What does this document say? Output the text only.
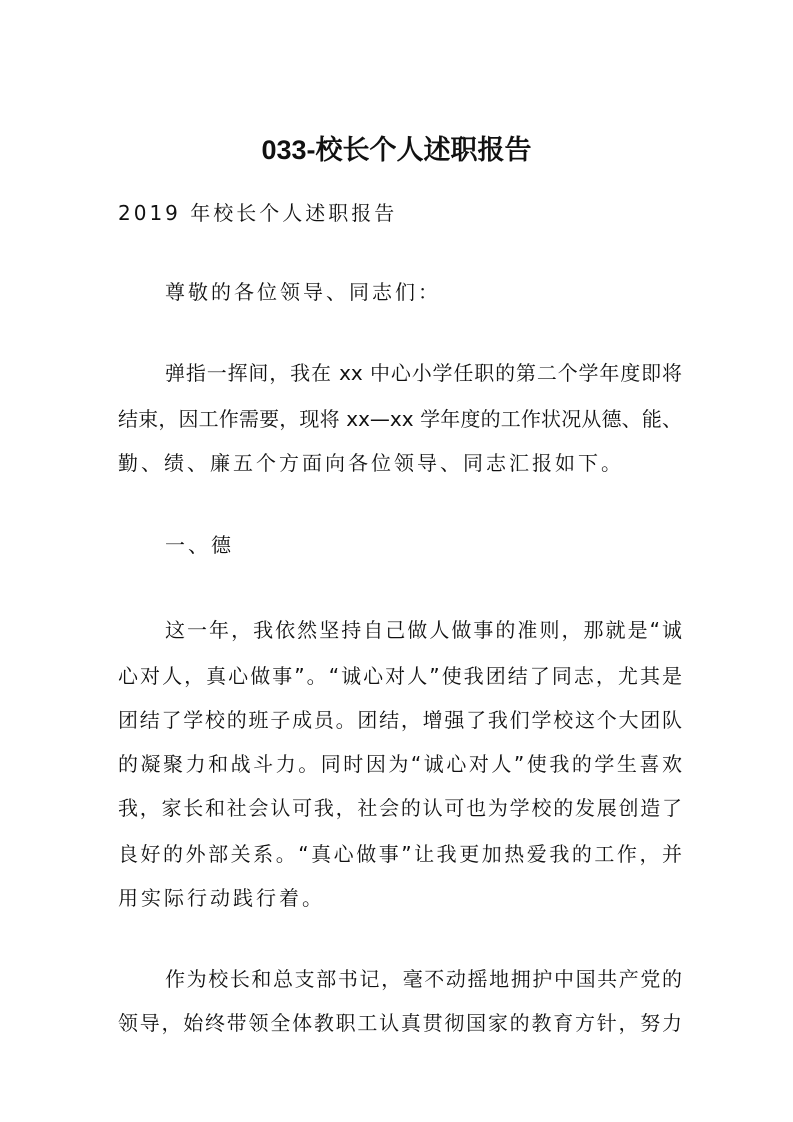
033-校长个人述职报告
2019 年校长个人述职报告
尊敬的各位领导、同志们：
弹指一挥间，我在 xx 中心小学任职的第二个学年度即将
结束，因工作需要，现将 xx—xx 学年度的工作状况从德、能、
勤、绩、廉五个方面向各位领导、同志汇报如下。
一、德
这一年，我依然坚持自己做人做事的准则，那就是“诚
心对人，真心做事”。“诚心对人”使我团结了同志，尤其是
团结了学校的班子成员。团结，增强了我们学校这个大团队
的凝聚力和战斗力。同时因为“诚心对人”使我的学生喜欢
我，家长和社会认可我，社会的认可也为学校的发展创造了
良好的外部关系。“真心做事”让我更加热爱我的工作，并
用实际行动践行着。
作为校长和总支部书记，毫不动摇地拥护中国共产党的
领导，始终带领全体教职工认真贯彻国家的教育方针，努力
